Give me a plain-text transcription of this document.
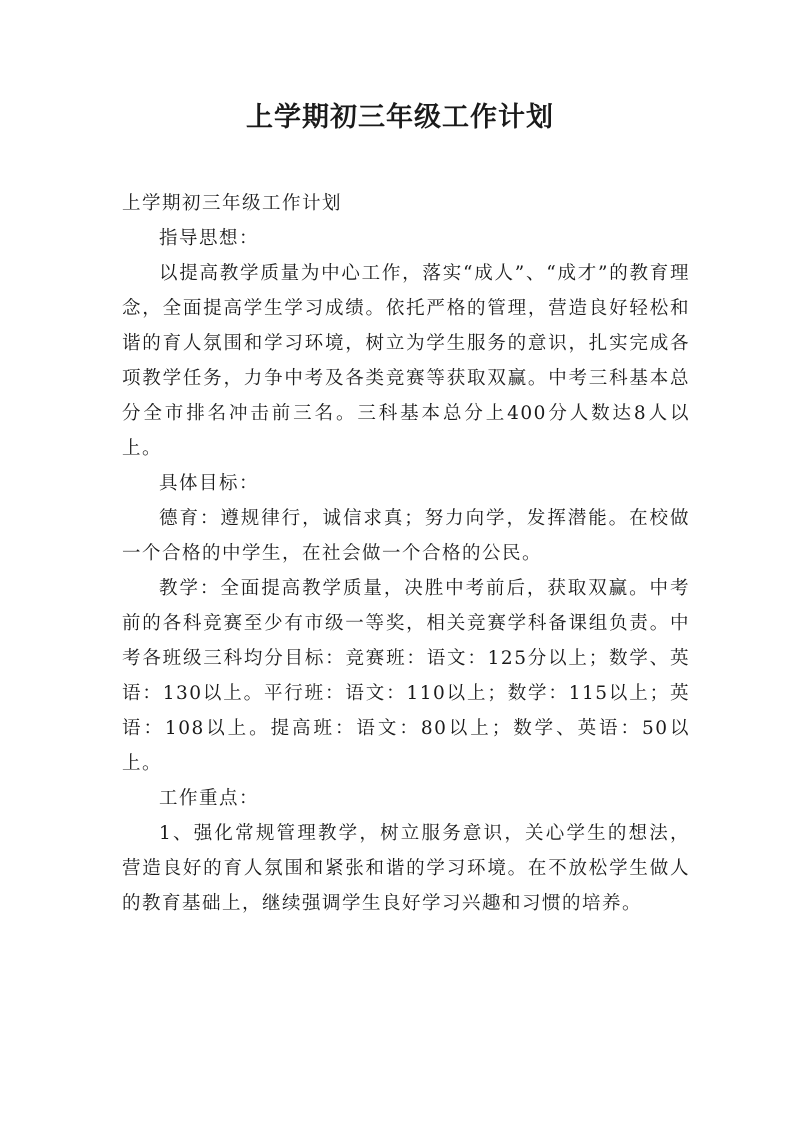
上学期初三年级工作计划

上学期初三年级工作计划

指导思想：

以提高教学质量为中心工作，落实“成人”、“成才”的教育理念，全面提高学生学习成绩。依托严格的管理，营造良好轻松和谐的育人氛围和学习环境，树立为学生服务的意识，扎实完成各项教学任务，力争中考及各类竞赛等获取双赢。中考三科基本总分全市排名冲击前三名。三科基本总分上400分人数达8人以上。

具体目标：

德育：遵规律行，诚信求真；努力向学，发挥潜能。在校做一个合格的中学生，在社会做一个合格的公民。

教学：全面提高教学质量，决胜中考前后，获取双赢。中考前的各科竞赛至少有市级一等奖，相关竞赛学科备课组负责。中考各班级三科均分目标：竞赛班：语文：125分以上；数学、英语：130以上。平行班：语文：110以上；数学：115以上；英语：108以上。提高班：语文：80以上；数学、英语：50以上。

工作重点：

1、强化常规管理教学，树立服务意识，关心学生的想法，营造良好的育人氛围和紧张和谐的学习环境。在不放松学生做人的教育基础上，继续强调学生良好学习兴趣和习惯的培养。
